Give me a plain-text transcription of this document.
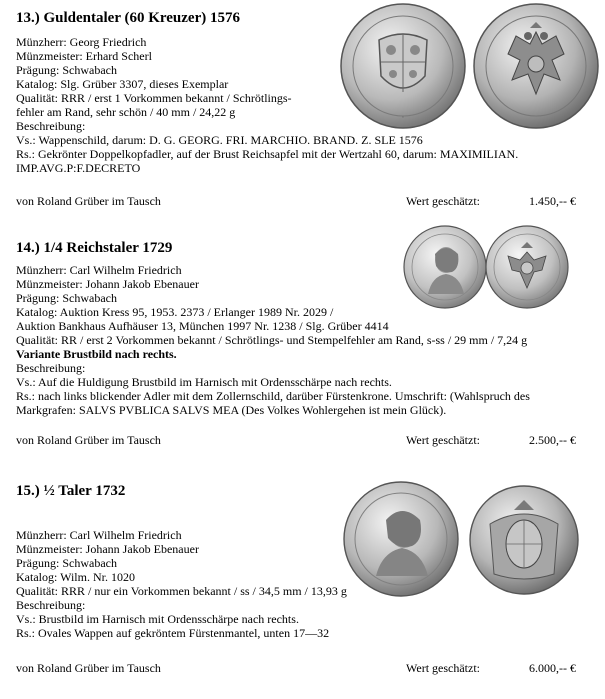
13.) Guldentaler (60 Kreuzer) 1576
Münzherr: Georg Friedrich
Münzmeister: Erhard Scherl
Prägung: Schwabach
Katalog: Slg. Grüber 3307, dieses Exemplar
Qualität: RRR / erst 1 Vorkommen bekannt / Schrötlings-
fehler am Rand, sehr schön / 40 mm / 24,22 g
Beschreibung:
Vs.: Wappenschild, darum: D. G. GEORG. FRI. MARCHIO. BRAND. Z. SLE 1576
Rs.: Gekrönter Doppelkopfadler, auf der Brust Reichsapfel mit der Wertzahl 60, darum: MAXIMILIAN.
IMP.AVG.P:F.DECRETO
von Roland Grüber im Tausch	Wert geschätzt:	1.450,-- €
·
14.) 1/4 Reichstaler 1729
Münzherr: Carl Wilhelm Friedrich
Münzmeister: Johann Jakob Ebenauer
Prägung: Schwabach
Katalog: Auktion Kress 95, 1953. 2373 / Erlanger 1989 Nr. 2029 /
Auktion Bankhaus Aufhäuser 13, München 1997 Nr. 1238 / Slg. Grüber 4414
Qualität: RR / erst 2 Vorkommen bekannt / Schrötlings- und Stempelfehler am Rand, s-ss / 29 mm / 7,24 g
Variante Brustbild nach rechts.
Beschreibung:
Vs.: Auf die Huldigung Brustbild im Harnisch mit Ordensschärpe nach rechts.
Rs.: nach links blickender Adler mit dem Zollernschild, darüber Fürstenkrone. Umschrift: (Wahlspruch des
Markgrafen: SALVS PVBLICA SALVS MEA (Des Volkes Wohlergehen ist mein Glück).
von Roland Grüber im Tausch	Wert geschätzt:	2.500,-- €
15.) ½ Taler 1732
Münzherr: Carl Wilhelm Friedrich
Münzmeister: Johann Jakob Ebenauer
Prägung: Schwabach
Katalog: Wilm. Nr. 1020
Qualität: RRR / nur ein Vorkommen bekannt / ss / 34,5 mm / 13,93 g
Beschreibung:
Vs.: Brustbild im Harnisch mit Ordensschärpe nach rechts.
Rs.: Ovales Wappen auf gekröntem Fürstenmantel, unten 17—32
von Roland Grüber im Tausch	Wert geschätzt:	6.000,-- €
